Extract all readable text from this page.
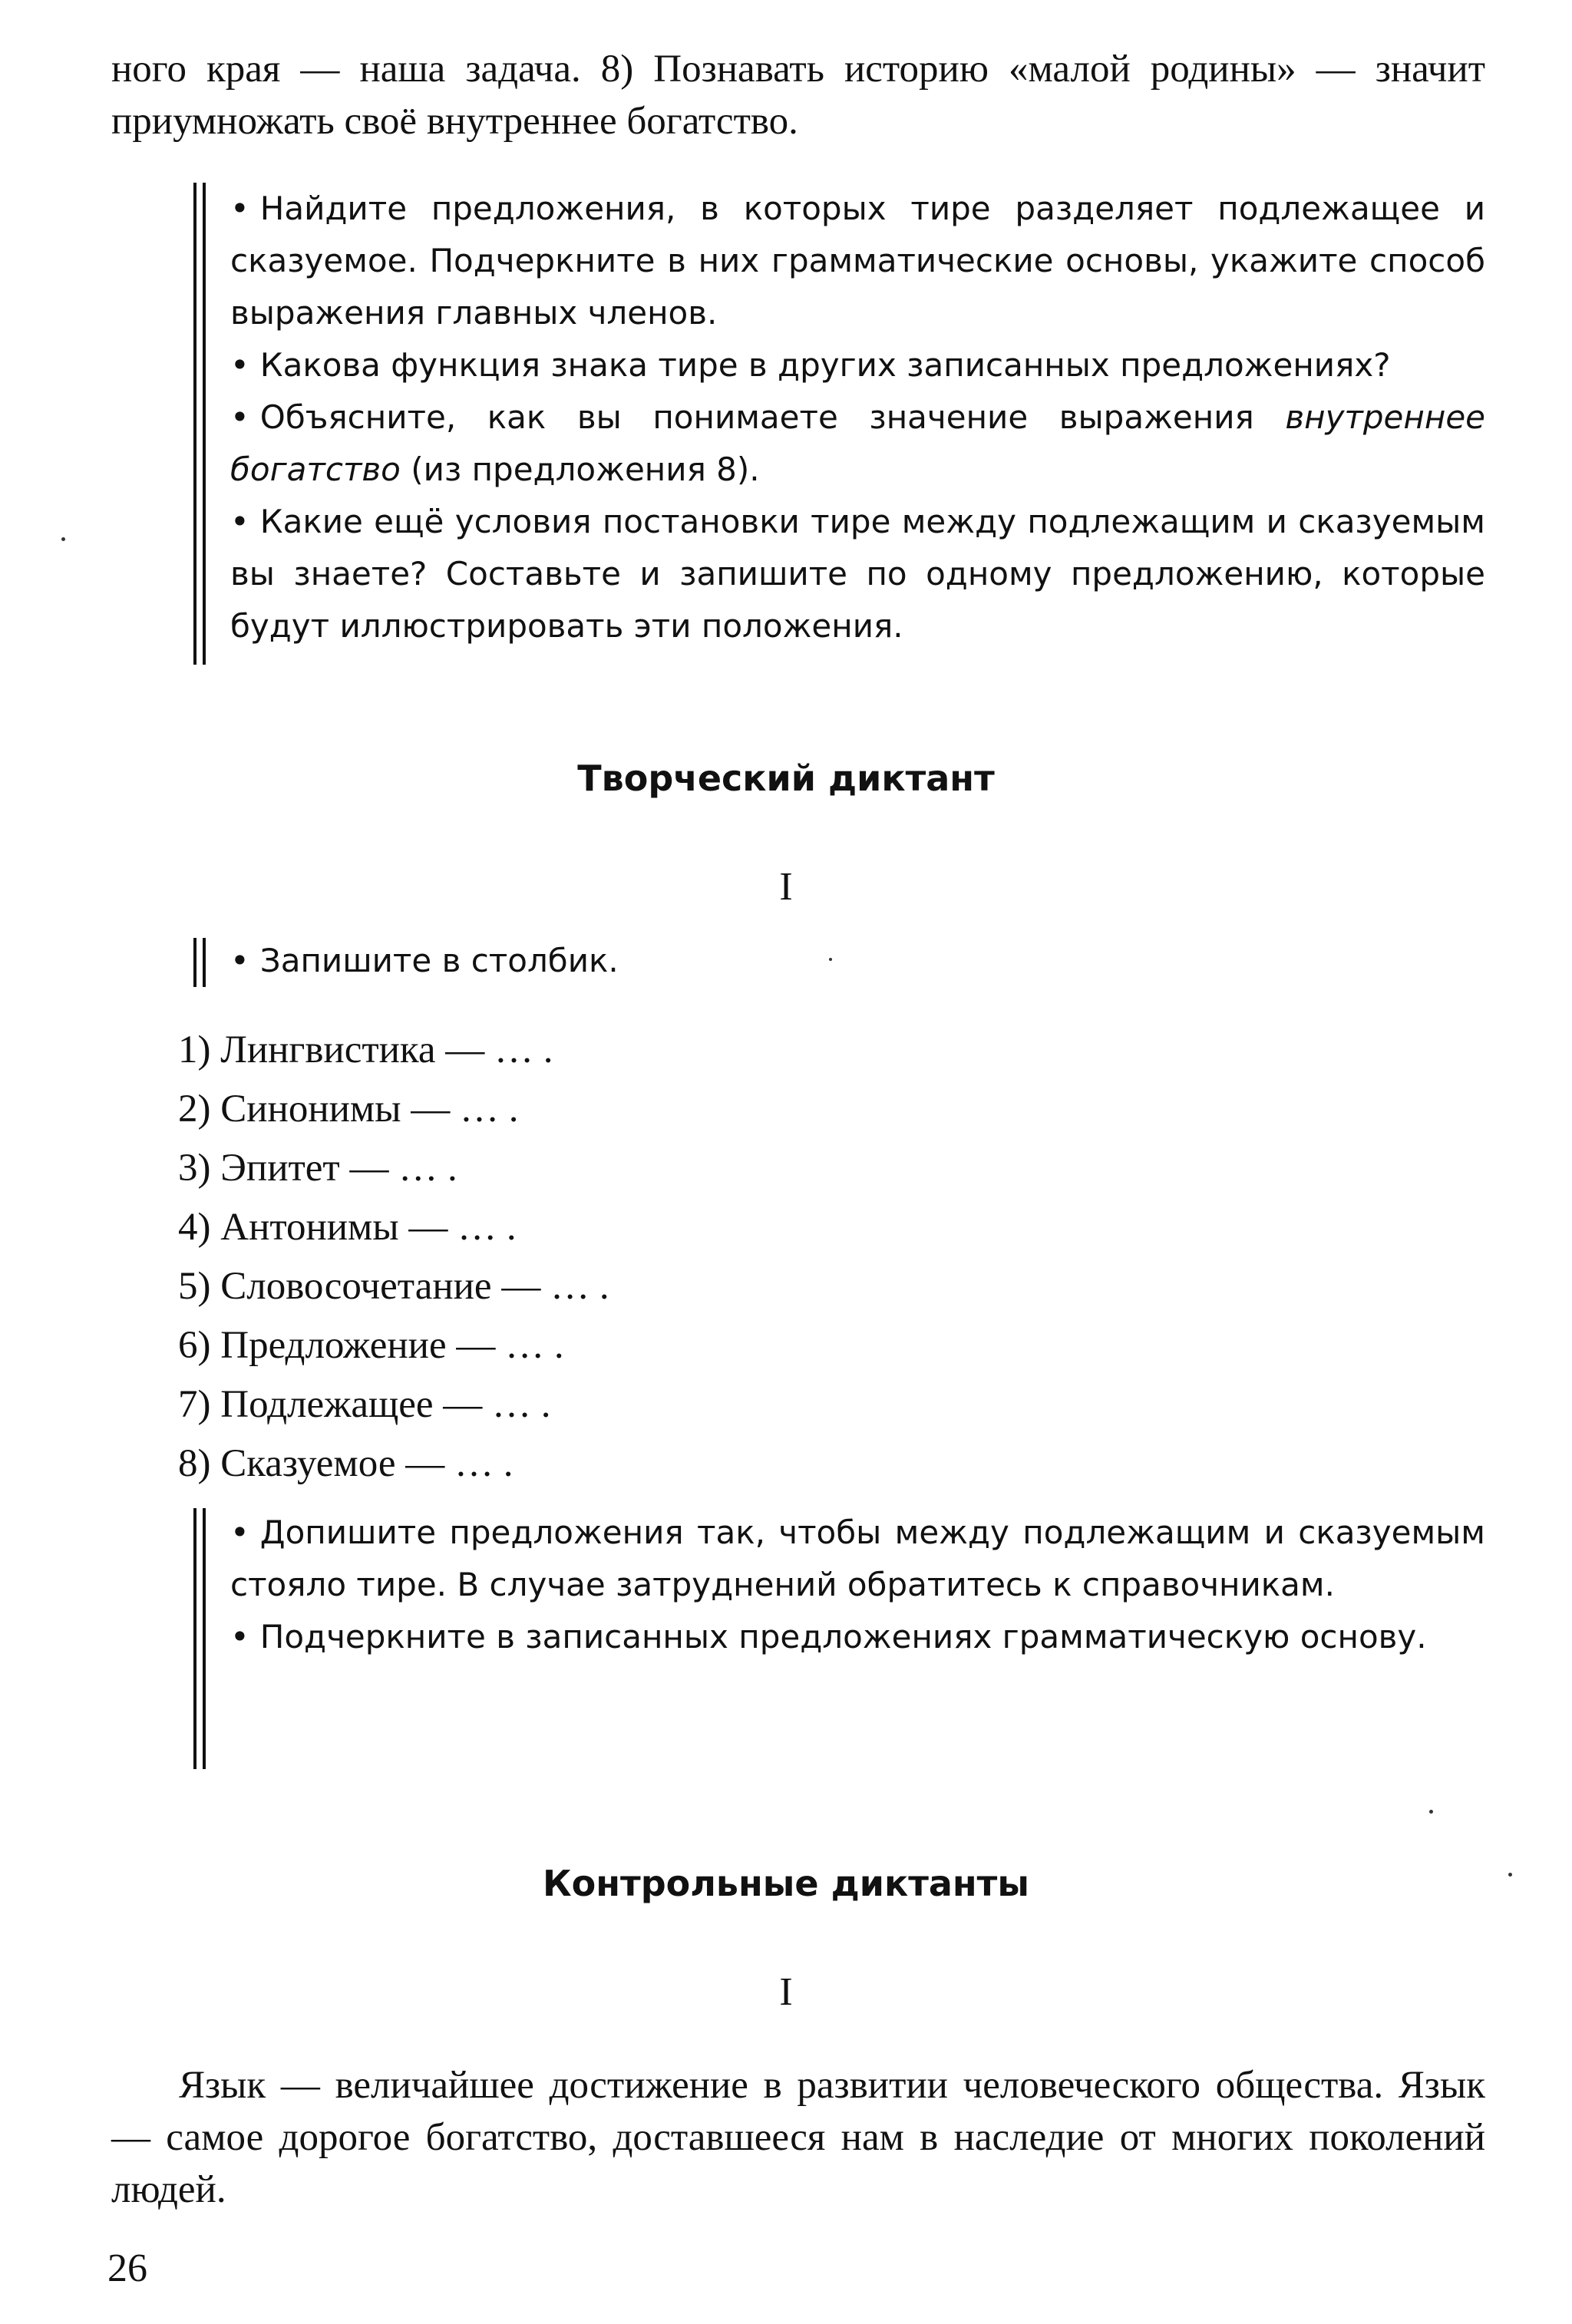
ного края — наша задача. 8) Познавать историю «малой родины» — значит приумножать своё внутреннее богатство.

• Найдите предложения, в которых тире разделяет подлежащее и сказуемое. Подчеркните в них грамматические основы, укажите способ выражения главных членов.

• Какова функция знака тире в других записанных предложениях?

• Объясните, как вы понимаете значение выражения внутреннее богатство (из предложения 8).

• Какие ещё условия постановки тире между подлежащим и сказуемым вы знаете? Составьте и запишите по одному предложению, которые будут иллюстрировать эти положения.

Творческий диктант
I

• Запишите в столбик.

1) Лингвистика — … .
2) Синонимы — … .
3) Эпитет — … .
4) Антонимы — … .
5) Словосочетание — … .
6) Предложение — … .
7) Подлежащее — … .
8) Сказуемое — … .

• Допишите предложения так, чтобы между подлежащим и сказуемым стояло тире. В случае затруднений обратитесь к справочникам.

• Подчеркните в записанных предложениях грамматическую основу.

Контрольные диктанты
I

Язык — величайшее достижение в развитии человеческого общества. Язык — самое дорогое богатство, доставшееся нам в наследие от многих поколений людей.

26
